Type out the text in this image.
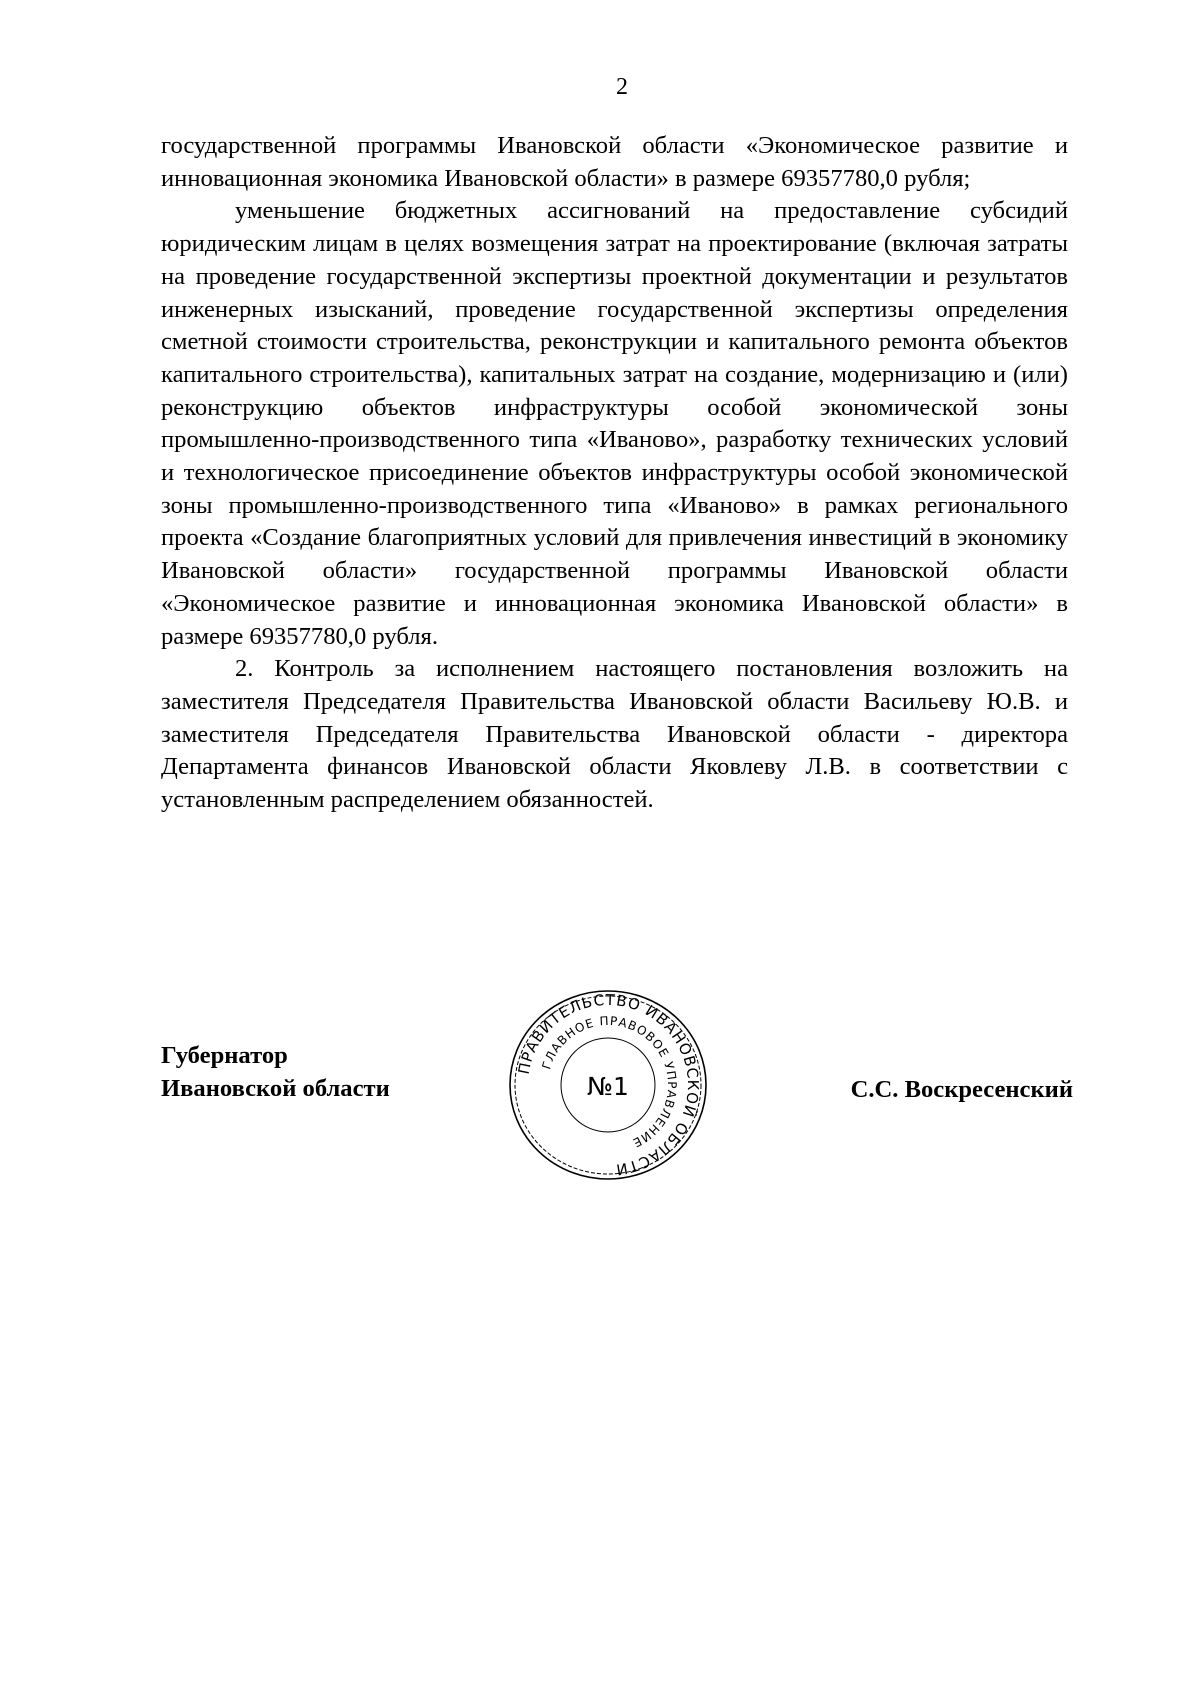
2

государственной программы Ивановской области «Экономическое развитие и инновационная экономика Ивановской области» в размере 69357780,0 рубля;

уменьшение бюджетных ассигнований на предоставление субсидий юридическим лицам в целях возмещения затрат на проектирование (включая затраты на проведение государственной экспертизы проектной документации и результатов инженерных изысканий, проведение государственной экспертизы определения сметной стоимости строительства, реконструкции и капитального ремонта объектов капитального строительства), капитальных затрат на создание, модернизацию и (или) реконструкцию объектов инфраструктуры особой экономической зоны промышленно-производственного типа «Иваново», разработку технических условий и технологическое присоединение объектов инфраструктуры особой экономической зоны промышленно-производственного типа «Иваново» в рамках регионального проекта «Создание благоприятных условий для привлечения инвестиций в экономику Ивановской области» государственной программы Ивановской области «Экономическое развитие и инновационная экономика Ивановской области» в размере 69357780,0 рубля.

2. Контроль за исполнением настоящего постановления возложить на заместителя Председателя Правительства Ивановской области Васильеву Ю.В. и заместителя Председателя Правительства Ивановской области - директора Департамента финансов Ивановской области Яковлеву Л.В. в соответствии с установленным распределением обязанностей.

Губернатор
Ивановской области	С.С. Воскресенский
ПРАВИТЕЛЬСТВО ИВАНОВСКОЙ ОБЛАСТИ
ГЛАВНОЕ ПРАВОВОЕ УПРАВЛЕНИЕ
№1
